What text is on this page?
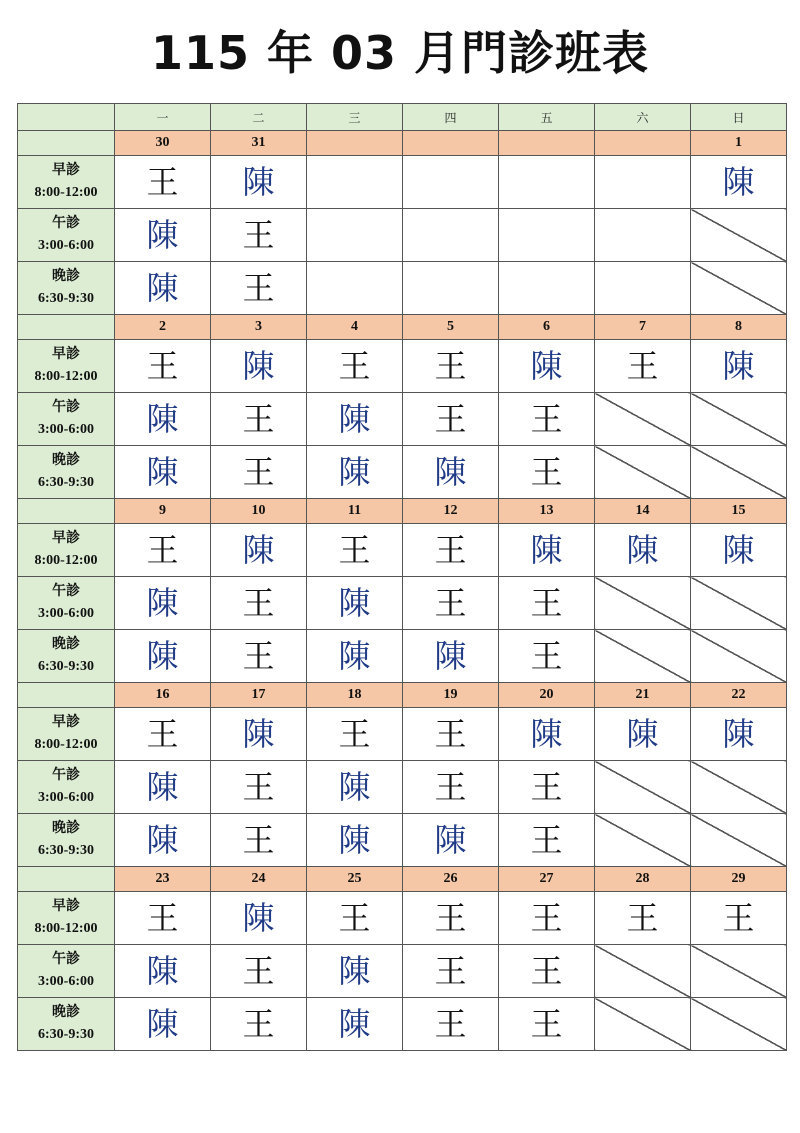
115 年 03 月門診班表
	一	二	三	四	五	六	日
	30	31					1

早診
8:00-12:00	王	陳					陳

午診
3:00-6:00	陳	王					

晚診
6:30-9:30	陳	王					
	2	3	4	5	6	7	8

早診
8:00-12:00	王	陳	王	王	陳	王	陳

午診
3:00-6:00	陳	王	陳	王	王		

晚診
6:30-9:30	陳	王	陳	陳	王		
	9	10	11	12	13	14	15

早診
8:00-12:00	王	陳	王	王	陳	陳	陳

午診
3:00-6:00	陳	王	陳	王	王		

晚診
6:30-9:30	陳	王	陳	陳	王		
	16	17	18	19	20	21	22

早診
8:00-12:00	王	陳	王	王	陳	陳	陳

午診
3:00-6:00	陳	王	陳	王	王		

晚診
6:30-9:30	陳	王	陳	陳	王		
	23	24	25	26	27	28	29

早診
8:00-12:00	王	陳	王	王	王	王	王

午診
3:00-6:00	陳	王	陳	王	王		

晚診
6:30-9:30	陳	王	陳	王	王		
